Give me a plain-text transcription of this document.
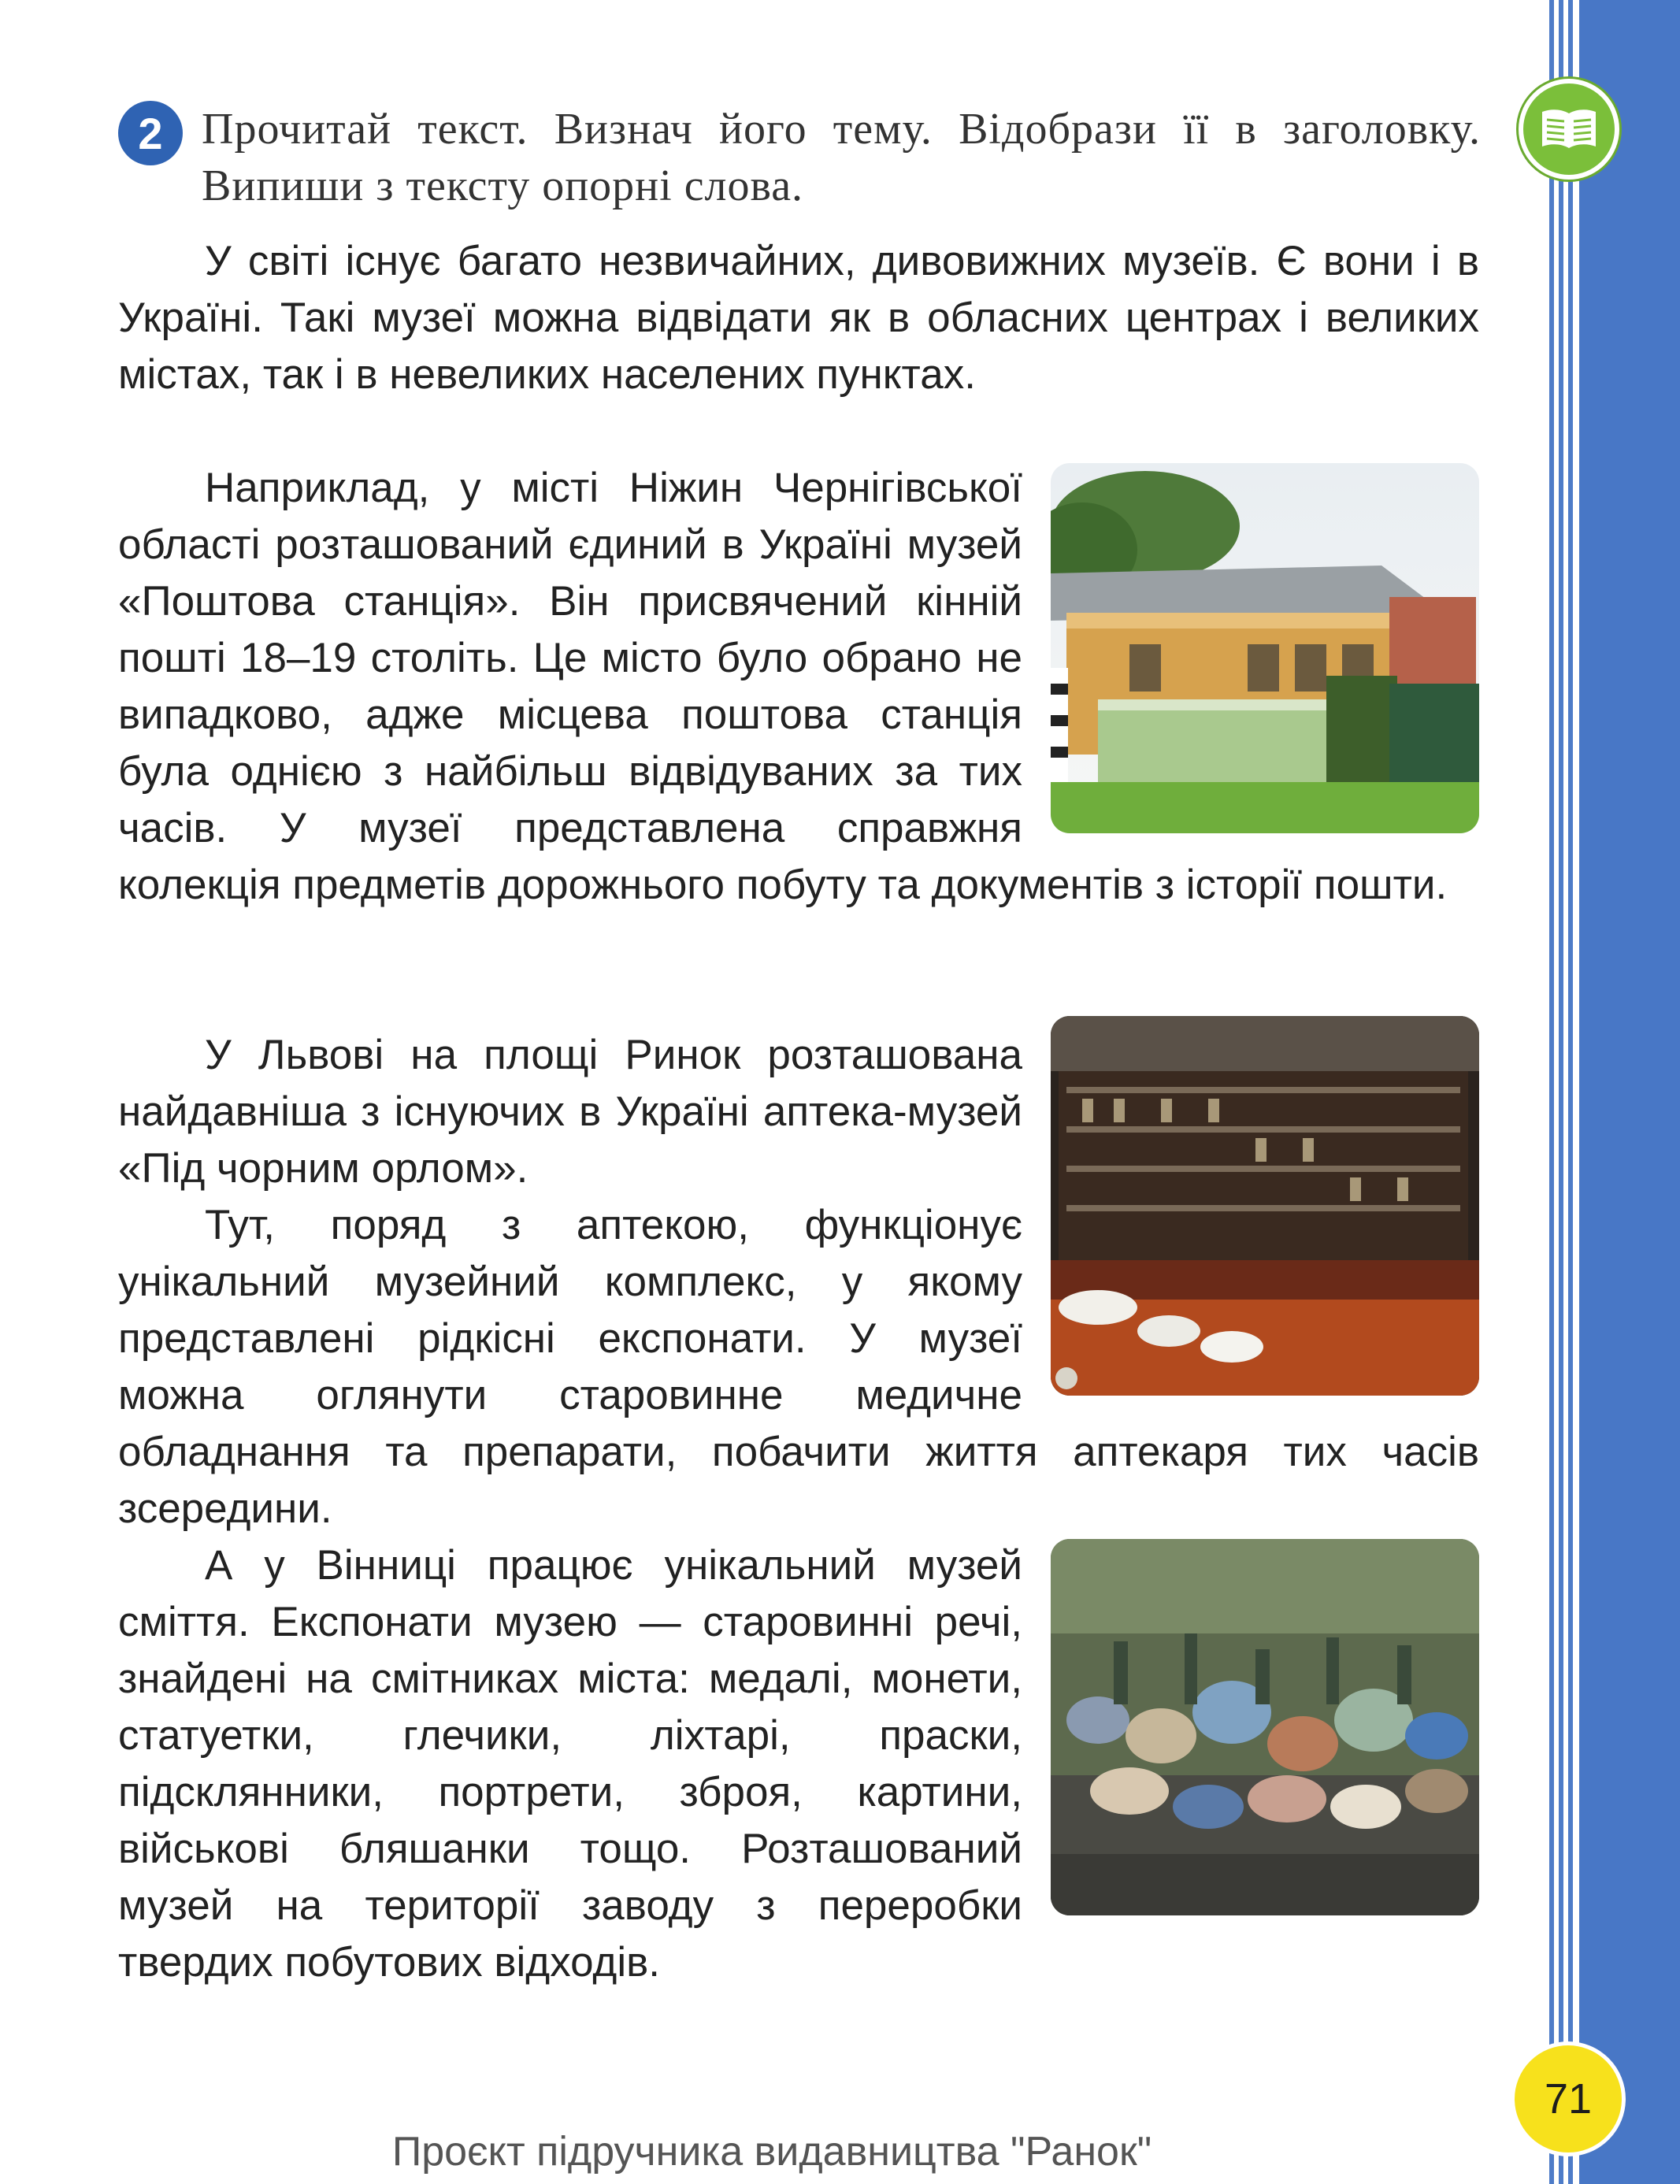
2 Прочитай текст. Визнач його тему. Відобрази її в заголовку. Випиши з тексту опорні слова.

У світі існує багато незвичайних, дивовижних музеїв. Є вони і в Україні. Такі музеї можна відвідати як в обласних центрах і великих містах, так і в невеликих населених пунктах.

Наприклад, у місті Ніжин Чернігівської області розташований єдиний в Україні музей «Поштова станція». Він присвячений кінній пошті 18–19 століть. Це місто було обрано не випадково, адже місцева поштова станція була однією з найбільш відвідуваних за тих часів. У музеї представлена справжня колекція предметів дорожнього побуту та документів з історії пошти.

У Львові на площі Ринок розташована найдавніша з існуючих в Україні аптека-музей «Під чорним орлом».

Тут, поряд з аптекою, функціонує унікальний музейний комплекс, у якому представлені рідкісні експонати. У музеї можна оглянути старовинне медичне обладнання та препарати, побачити життя аптекаря тих часів зсередини.

А у Вінниці працює унікальний музей сміття. Експонати музею — старовинні речі, знайдені на смітниках міста: медалі, монети, статуетки, глечики, ліхтарі, праски, підсклянники, портрети, зброя, картини, військові бляшанки тощо. Розташований музей на території заводу з переробки твердих побутових відходів.

71
Проєкт підручника видавництва "Ранок"
